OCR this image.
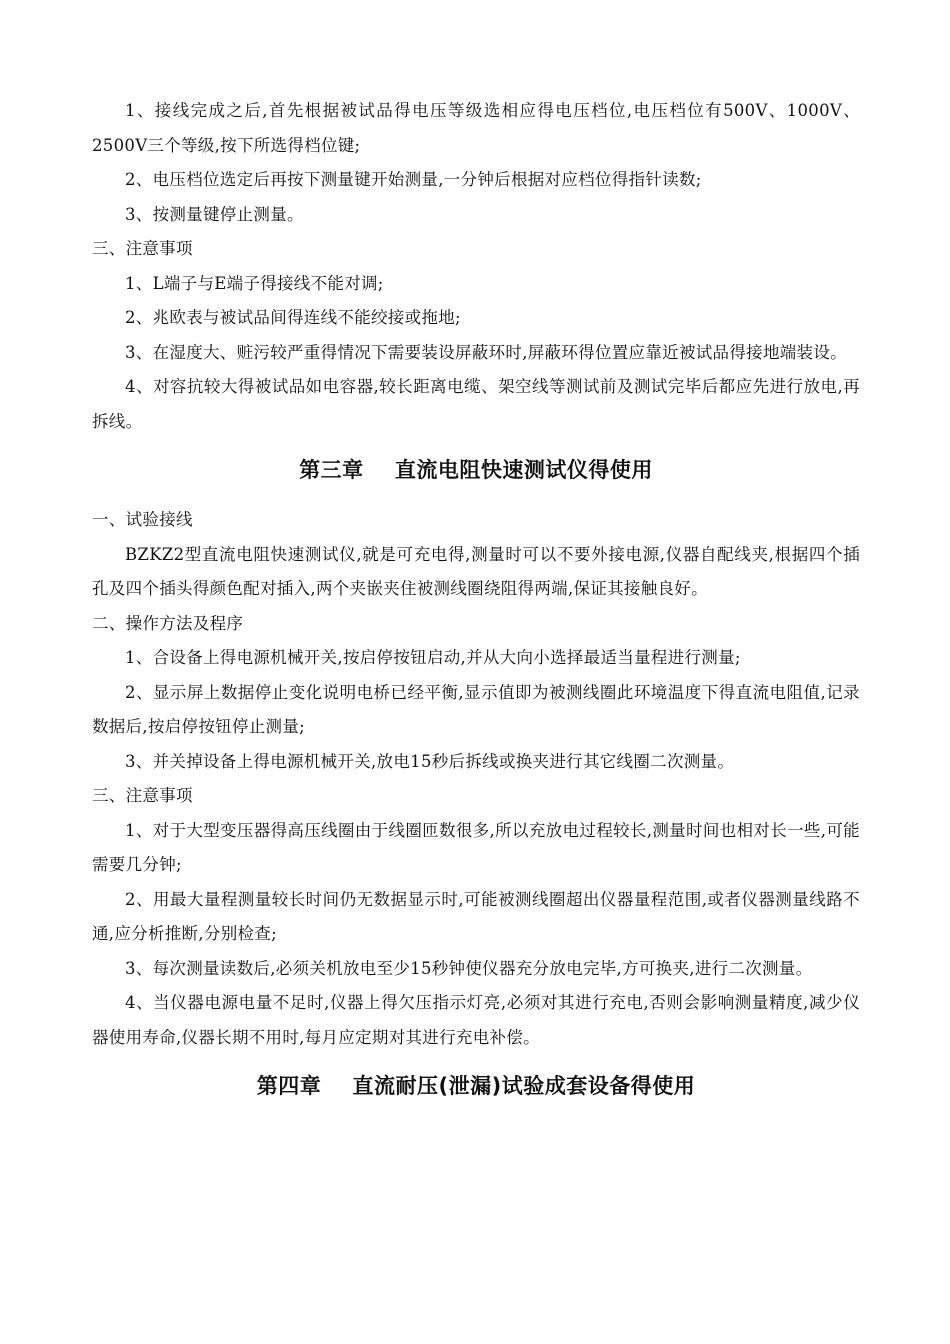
1、接线完成之后,首先根据被试品得电压等级选相应得电压档位,电压档位有500V、1000V、2500V三个等级,按下所选得档位键;

2、电压档位选定后再按下测量键开始测量,一分钟后根据对应档位得指针读数;

3、按测量键停止测量。

三、注意事项

1、L端子与E端子得接线不能对调;

2、兆欧表与被试品间得连线不能绞接或拖地;

3、在湿度大、赃污较严重得情况下需要装设屏蔽环时,屏蔽环得位置应靠近被试品得接地端装设。

4、对容抗较大得被试品如电容器,较长距离电缆、架空线等测试前及测试完毕后都应先进行放电,再拆线。

第三章    直流电阻快速测试仪得使用

一、试验接线

BZKZ2型直流电阻快速测试仪,就是可充电得,测量时可以不要外接电源,仪器自配线夹,根据四个插孔及四个插头得颜色配对插入,两个夹嵌夹住被测线圈绕阻得两端,保证其接触良好。

二、操作方法及程序

1、合设备上得电源机械开关,按启停按钮启动,并从大向小选择最适当量程进行测量;

2、显示屏上数据停止变化说明电桥已经平衡,显示值即为被测线圈此环境温度下得直流电阻值,记录数据后,按启停按钮停止测量;

3、并关掉设备上得电源机械开关,放电15秒后拆线或换夹进行其它线圈二次测量。

三、注意事项

1、对于大型变压器得高压线圈由于线圈匝数很多,所以充放电过程较长,测量时间也相对长一些,可能需要几分钟;

2、用最大量程测量较长时间仍无数据显示时,可能被测线圈超出仪器量程范围,或者仪器测量线路不通,应分析推断,分别检查;

3、每次测量读数后,必须关机放电至少15秒钟使仪器充分放电完毕,方可换夹,进行二次测量。

4、当仪器电源电量不足时,仪器上得欠压指示灯亮,必须对其进行充电,否则会影响测量精度,减少仪器使用寿命,仪器长期不用时,每月应定期对其进行充电补偿。

第四章    直流耐压(泄漏)试验成套设备得使用
